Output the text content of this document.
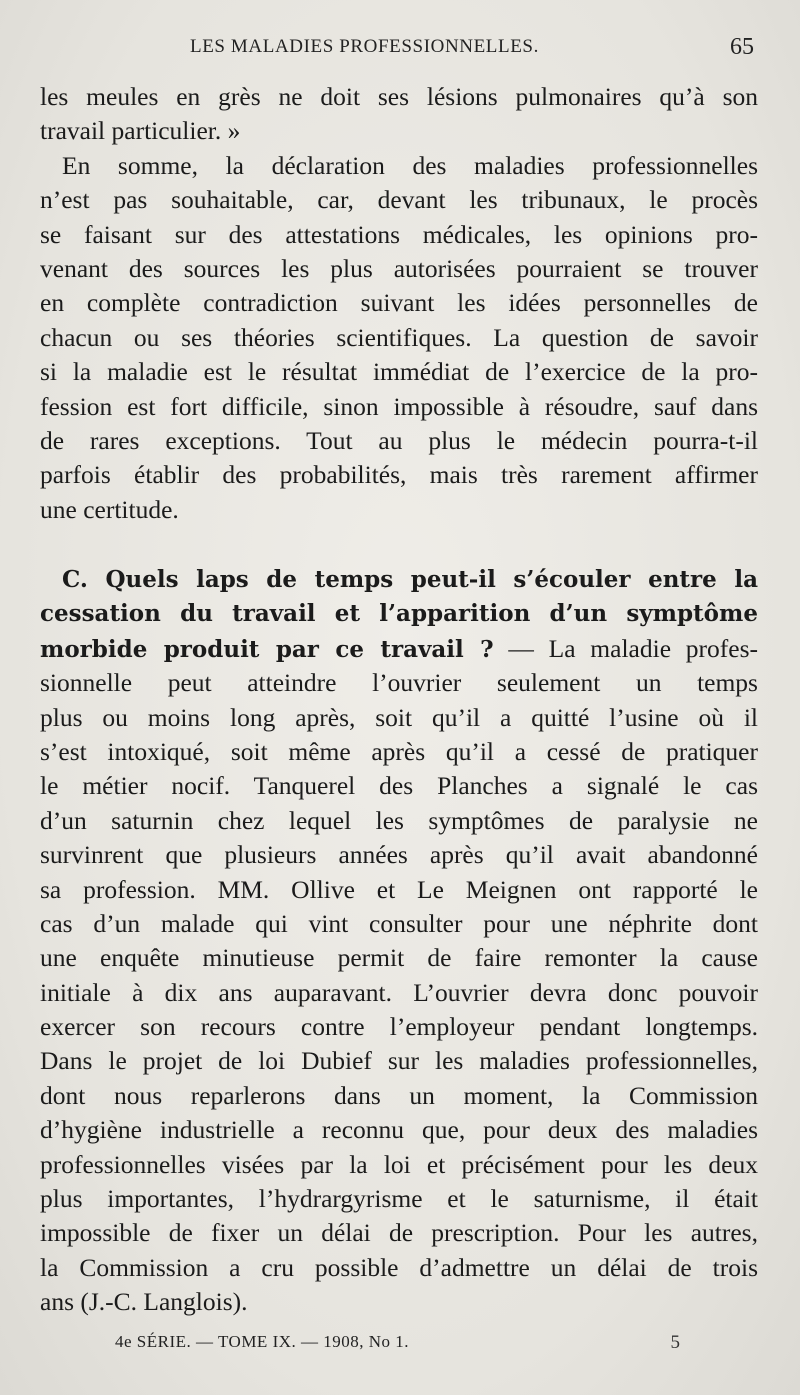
LES MALADIES PROFESSIONNELLES.	65
les meules en grès ne doit ses lésions pulmonaires qu’à son
travail particulier. »
En somme, la déclaration des maladies professionnelles
n’est pas souhaitable, car, devant les tribunaux, le procès
se faisant sur des attestations médicales, les opinions pro-
venant des sources les plus autorisées pourraient se trouver
en complète contradiction suivant les idées personnelles de
chacun ou ses théories scientifiques. La question de savoir
si la maladie est le résultat immédiat de l’exercice de la pro-
fession est fort difficile, sinon impossible à résoudre, sauf dans
de rares exceptions. Tout au plus le médecin pourra-t-il
parfois établir des probabilités, mais très rarement affirmer
une certitude.
C. Quels laps de temps peut-il s’écouler entre la
cessation du travail et l’apparition d’un symptôme
morbide produit par ce travail ? — La maladie profes-
sionnelle peut atteindre l’ouvrier seulement un temps
plus ou moins long après, soit qu’il a quitté l’usine où il
s’est intoxiqué, soit même après qu’il a cessé de pratiquer
le métier nocif. Tanquerel des Planches a signalé le cas
d’un saturnin chez lequel les symptômes de paralysie ne
survinrent que plusieurs années après qu’il avait abandonné
sa profession. MM. Ollive et Le Meignen ont rapporté le
cas d’un malade qui vint consulter pour une néphrite dont
une enquête minutieuse permit de faire remonter la cause
initiale à dix ans auparavant. L’ouvrier devra donc pouvoir
exercer son recours contre l’employeur pendant longtemps.
Dans le projet de loi Dubief sur les maladies professionnelles,
dont nous reparlerons dans un moment, la Commission
d’hygiène industrielle a reconnu que, pour deux des maladies
professionnelles visées par la loi et précisément pour les deux
plus importantes, l’hydrargyrisme et le saturnisme, il était
impossible de fixer un délai de prescription. Pour les autres,
la Commission a cru possible d’admettre un délai de trois
ans (J.-C. Langlois).
4e SÉRIE. — TOME IX. — 1908, No 1.	5
